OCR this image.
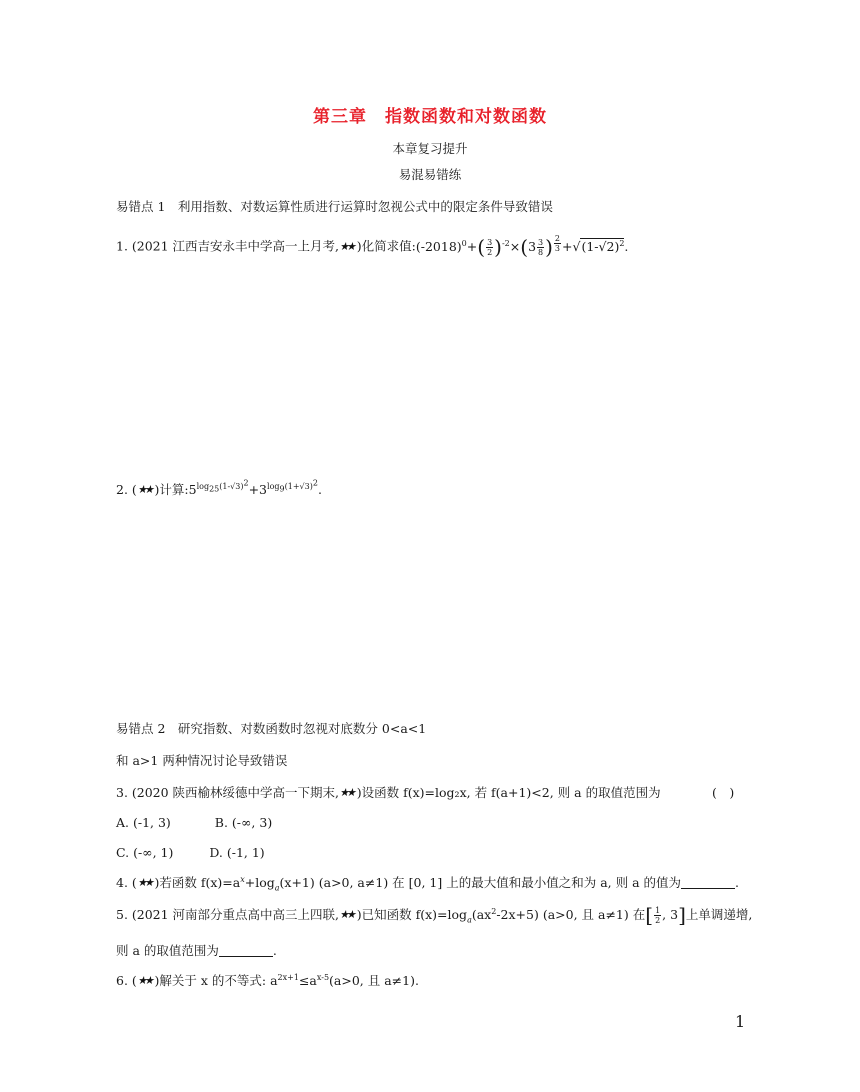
第三章　指数函数和对数函数
本章复习提升
易混易错练
易错点 1　利用指数、对数运算性质进行运算时忽视公式中的限定条件导致错误
1. (2021 江西吉安永丰中学高一上月考,★★ )化简求值$:(-2018)^0+( \frac{3}{2} )^{-2}\times(3 \frac{3}{8}$ ) $^{\frac{2}{3}} +√(1-√2)^2$.
2. (★★ )计算$:5^{log_{25}(1-√3)^2}+3^{log_9(1+√3)^2}$.
易错点 2　研究指数、对数函数时忽视对底数分 0<a<1
和 a>1 两种情况讨论导致错误
3. (2020 陕西榆林绥德中学高一下期末,★★ )设函数 f(x)=log₂x, 若 f(a+1)<2, 则 a 的取值范围为	(　)
A. (-1, 3)	B. (-∞, 3)
C. (-∞, 1)	D. (-1, 1)
4. (★★ )若函数 $f(x)=a^x+\log_a(x+1)$ (a>0, a≠1) 在 [0, 1] 上的最大值和最小值之和为 a, 则 a 的值为	.
5. (2021 河南部分重点高中高三上四联,★★ )已知函数 $f(x)=\log_a(ax^2-2x+5)$ (a>0, 且 a≠1) 在[ $\frac{1}{2}$ , 3]上单调递增,
则 a 的取值范围为	.
6. (★★ )解关于 x 的不等式: $a^{2x+1}\le a^{x-5}(a>0$, 且 a≠1).
1
